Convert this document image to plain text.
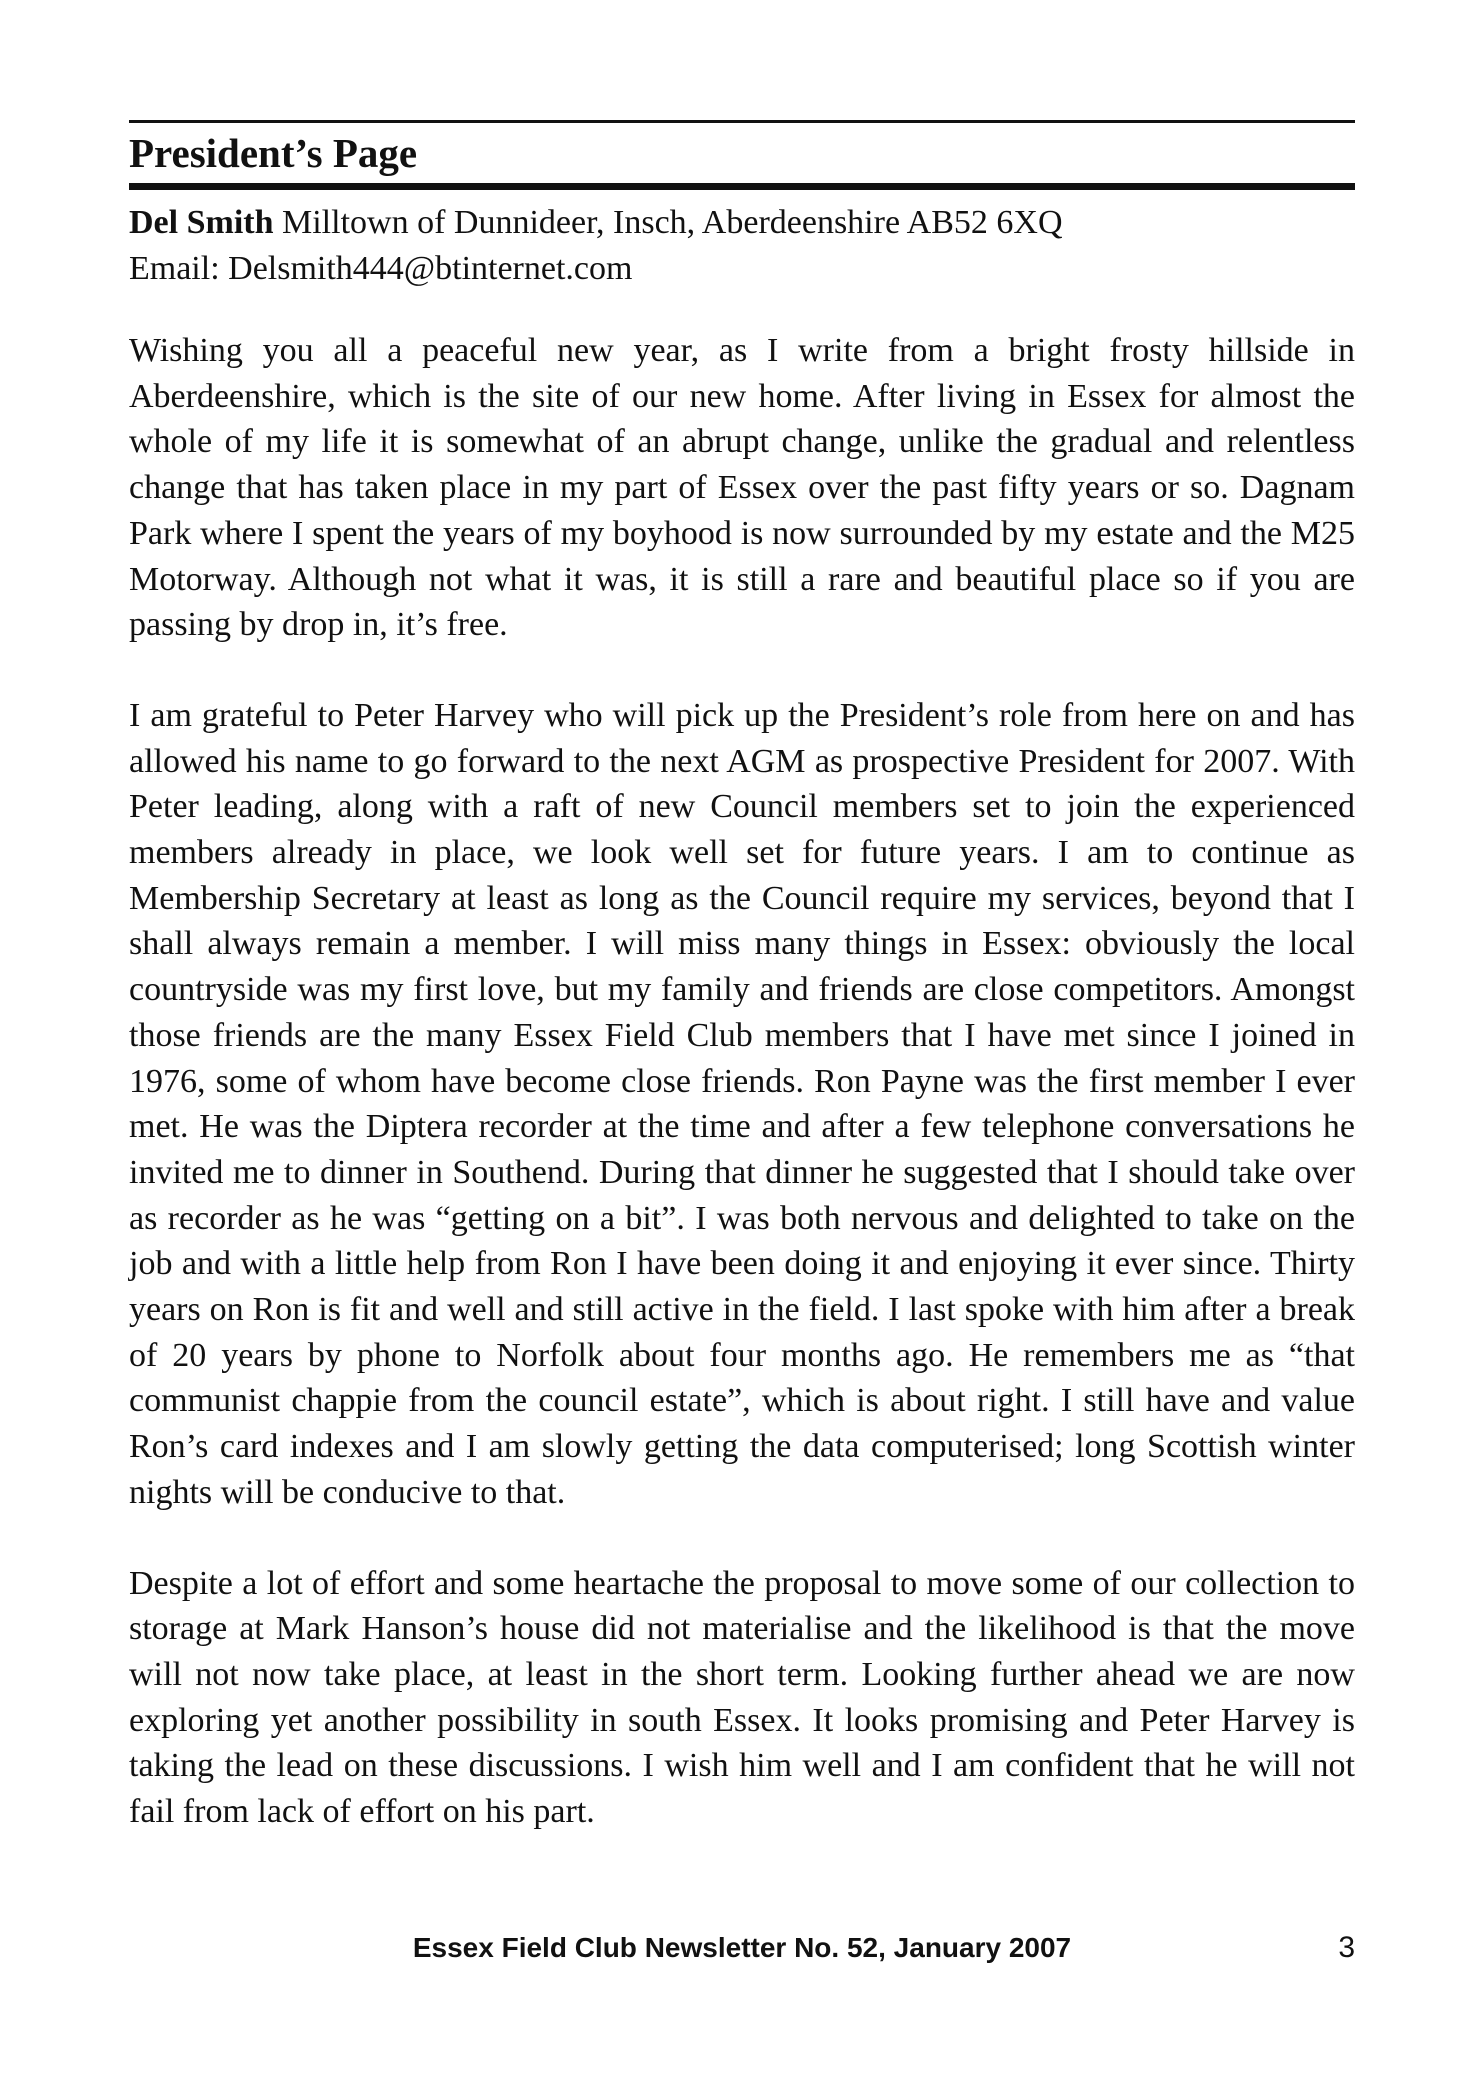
President’s Page
Del Smith Milltown of Dunnideer, Insch, Aberdeenshire AB52 6XQ
Email: Delsmith444@btinternet.com

Wishing you all a peaceful new year, as I write from a bright frosty hillside in Aberdeenshire, which is the site of our new home. After living in Essex for almost the whole of my life it is somewhat of an abrupt change, unlike the gradual and relentless change that has taken place in my part of Essex over the past fifty years or so. Dagnam Park where I spent the years of my boyhood is now surrounded by my estate and the M25 Motorway. Although not what it was, it is still a rare and beautiful place so if you are passing by drop in, it’s free.

I am grateful to Peter Harvey who will pick up the President’s role from here on and has allowed his name to go forward to the next AGM as prospective President for 2007. With Peter leading, along with a raft of new Council members set to join the experienced members already in place, we look well set for future years. I am to continue as Membership Secretary at least as long as the Council require my services, beyond that I shall always remain a member. I will miss many things in Essex: obviously the local countryside was my first love, but my family and friends are close competitors. Amongst those friends are the many Essex Field Club members that I have met since I joined in 1976, some of whom have become close friends. Ron Payne was the first member I ever met. He was the Diptera recorder at the time and after a few telephone conversations he invited me to dinner in Southend. During that dinner he suggested that I should take over as recorder as he was “getting on a bit”. I was both nervous and delighted to take on the job and with a little help from Ron I have been doing it and enjoying it ever since. Thirty years on Ron is fit and well and still active in the field. I last spoke with him after a break of 20 years by phone to Norfolk about four months ago. He remembers me as “that communist chappie from the council estate”, which is about right. I still have and value Ron’s card indexes and I am slowly getting the data computerised; long Scottish winter nights will be conducive to that.

Despite a lot of effort and some heartache the proposal to move some of our collection to storage at Mark Hanson’s house did not materialise and the likelihood is that the move will not now take place, at least in the short term. Looking further ahead we are now exploring yet another possibility in south Essex. It looks promising and Peter Harvey is taking the lead on these discussions. I wish him well and I am confident that he will not fail from lack of effort on his part.

Essex Field Club Newsletter No. 52, January 2007	3
